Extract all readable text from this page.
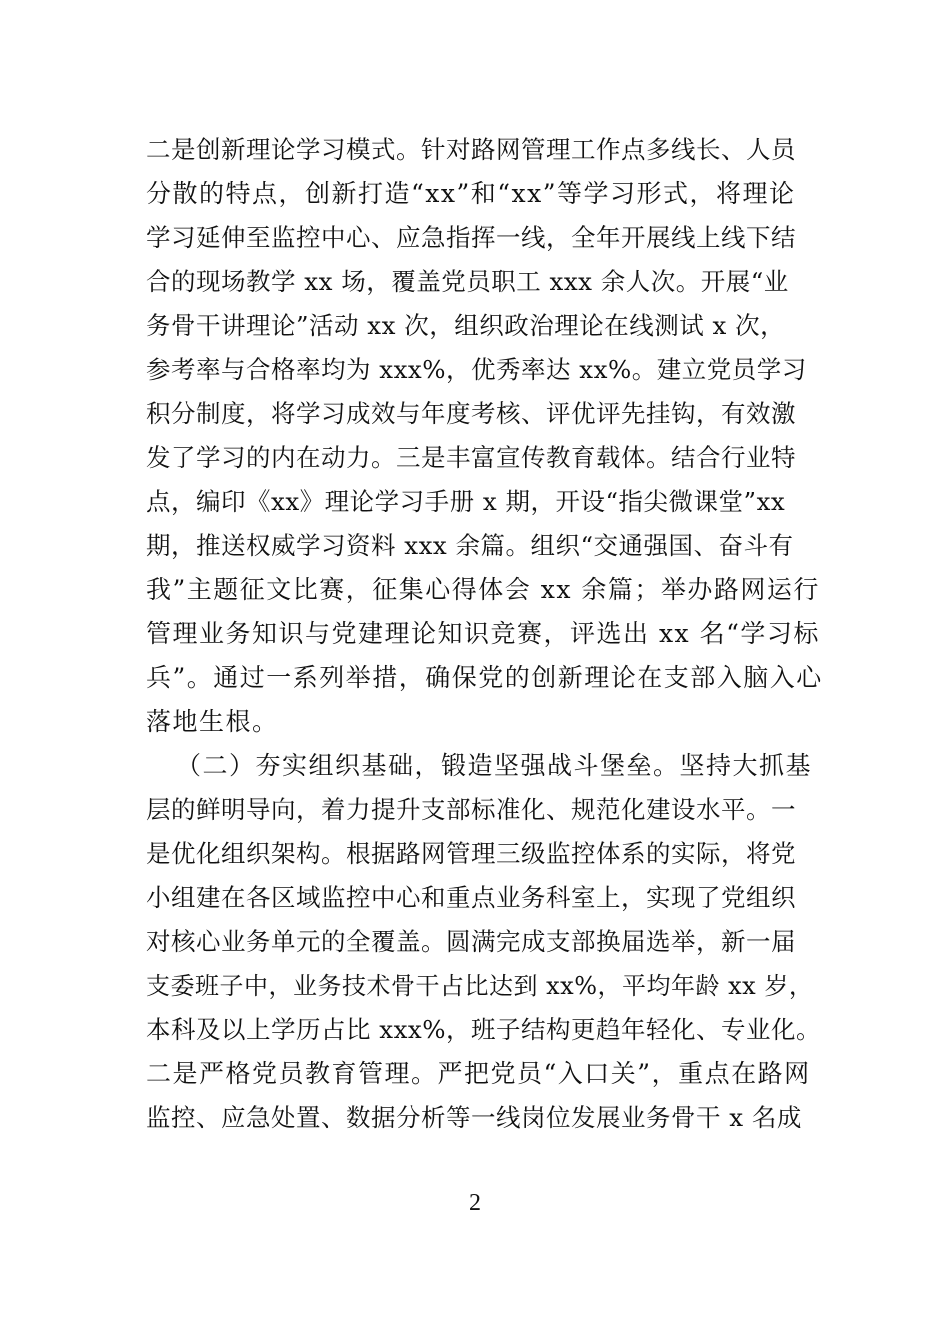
二是创新理论学习模式。针对路网管理工作点多线长、人员
分散的特点，创新打造“xx”和“xx”等学习形式，将理论
学习延伸至监控中心、应急指挥一线，全年开展线上线下结
合的现场教学 xx 场，覆盖党员职工 xxx 余人次。开展“业
务骨干讲理论”活动 xx 次，组织政治理论在线测试 x 次，
参考率与合格率均为 xxx%，优秀率达 xx%。建立党员学习
积分制度，将学习成效与年度考核、评优评先挂钩，有效激
发了学习的内在动力。三是丰富宣传教育载体。结合行业特
点，编印《xx》理论学习手册 x 期，开设“指尖微课堂”xx
期，推送权威学习资料 xxx 余篇。组织“交通强国、奋斗有
我”主题征文比赛，征集心得体会 xx 余篇；举办路网运行
管理业务知识与党建理论知识竞赛，评选出 xx 名“学习标
兵”。通过一系列举措，确保党的创新理论在支部入脑入心
落地生根。
（二）夯实组织基础，锻造坚强战斗堡垒。坚持大抓基
层的鲜明导向，着力提升支部标准化、规范化建设水平。一
是优化组织架构。根据路网管理三级监控体系的实际，将党
小组建在各区域监控中心和重点业务科室上，实现了党组织
对核心业务单元的全覆盖。圆满完成支部换届选举，新一届
支委班子中，业务技术骨干占比达到 xx%，平均年龄 xx 岁，
本科及以上学历占比 xxx%，班子结构更趋年轻化、专业化。
二是严格党员教育管理。严把党员“入口关”，重点在路网
监控、应急处置、数据分析等一线岗位发展业务骨干 x 名成
2
